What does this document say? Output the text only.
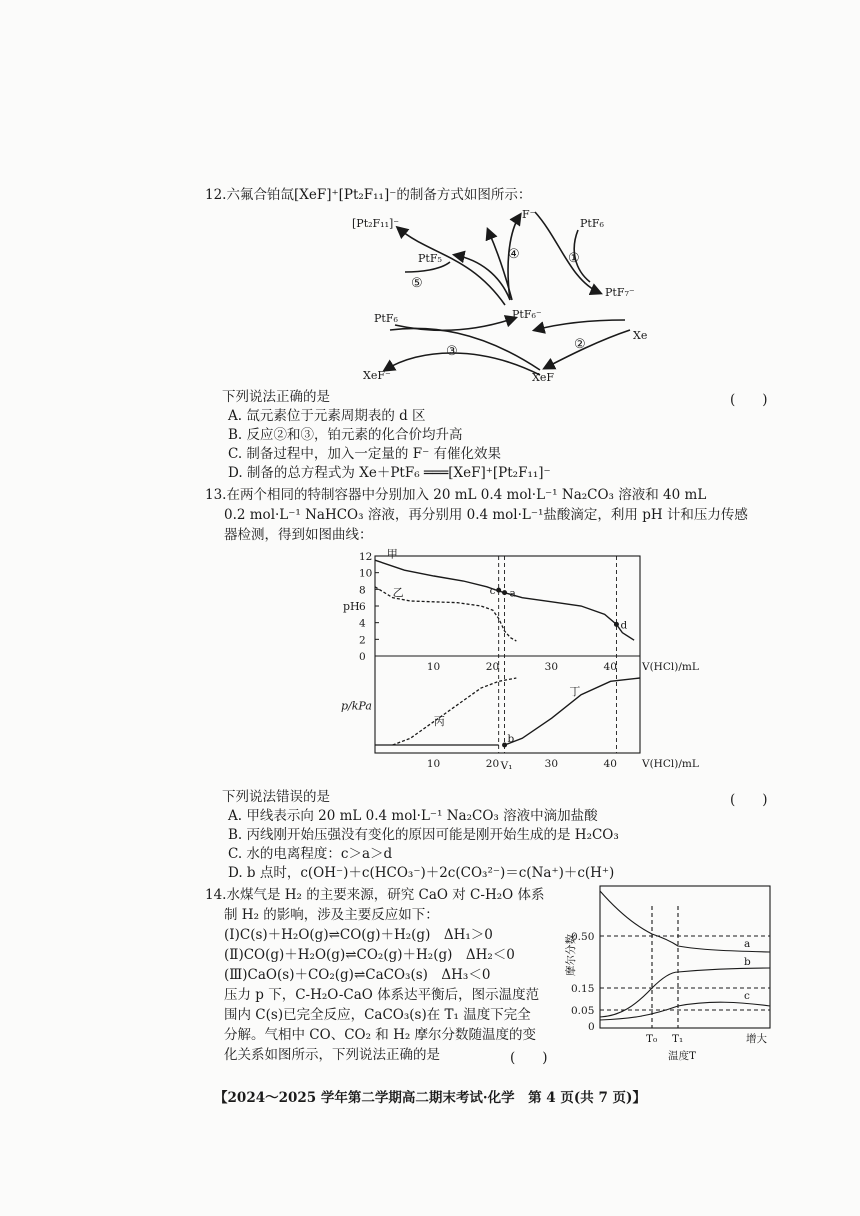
12.六氟合铂氙[XeF]⁺[Pt₂F₁₁]⁻的制备方式如图所示：
[Pt₂F₁₁]⁻
F⁻
PtF₆
PtF₅
PtF₇⁻
PtF₆⁻
PtF₆
Xe
XeF⁻	XeF
①
②
③
④
⑤
下列说法正确的是	(　　)
A. 氙元素位于元素周期表的 d 区
B. 反应②和③，铂元素的化合价均升高
C. 制备过程中，加入一定量的 F⁻ 有催化效果
D. 制备的总方程式为 Xe＋PtF₆ ═══[XeF]⁺[Pt₂F₁₁]⁻
13.在两个相同的特制容器中分别加入 20 mL 0.4 mol·L⁻¹ Na₂CO₃ 溶液和 40 mL
0.2 mol·L⁻¹ NaHCO₃ 溶液，再分别用 0.4 mol·L⁻¹盐酸滴定，利用 pH 计和压力传感
器检测，得到如图曲线：
0
2
4
6
8
10
12
pH
10
10
20
20
30
30
40
40
V(HCl)/mL
V(HCl)/mL
V₁
甲
乙	c a
d
p/kPa
丙
丁
b
下列说法错误的是	(　　)
A. 甲线表示向 20 mL 0.4 mol·L⁻¹ Na₂CO₃ 溶液中滴加盐酸
B. 丙线刚开始压强没有变化的原因可能是刚开始生成的是 H₂CO₃
C. 水的电离程度：c＞a＞d
D. b 点时，c(OH⁻)＋c(HCO₃⁻)＋2c(CO₃²⁻)＝c(Na⁺)＋c(H⁺)
14.水煤气是 H₂ 的主要来源，研究 CaO 对 C-H₂O 体系
制 H₂ 的影响，涉及主要反应如下：
(Ⅰ)C(s)＋H₂O(g)⇌CO(g)＋H₂(g)　ΔH₁＞0
(Ⅱ)CO(g)＋H₂O(g)⇌CO₂(g)＋H₂(g)　ΔH₂＜0
(Ⅲ)CaO(s)＋CO₂(g)⇌CaCO₃(s)　ΔH₃＜0
压力 p 下，C-H₂O-CaO 体系达平衡后，图示温度范
围内 C(s)已完全反应，CaCO₃(s)在 T₁ 温度下完全
分解。气相中 CO、CO₂ 和 H₂ 摩尔分数随温度的变
化关系如图所示，下列说法正确的是	(　　)
摩尔分数
0.50
0.15
0.05
0
T₀ T₁
温度T
增大
a
b
c
【2024～2025 学年第二学期高二期末考试·化学　第 4 页(共 7 页)】
